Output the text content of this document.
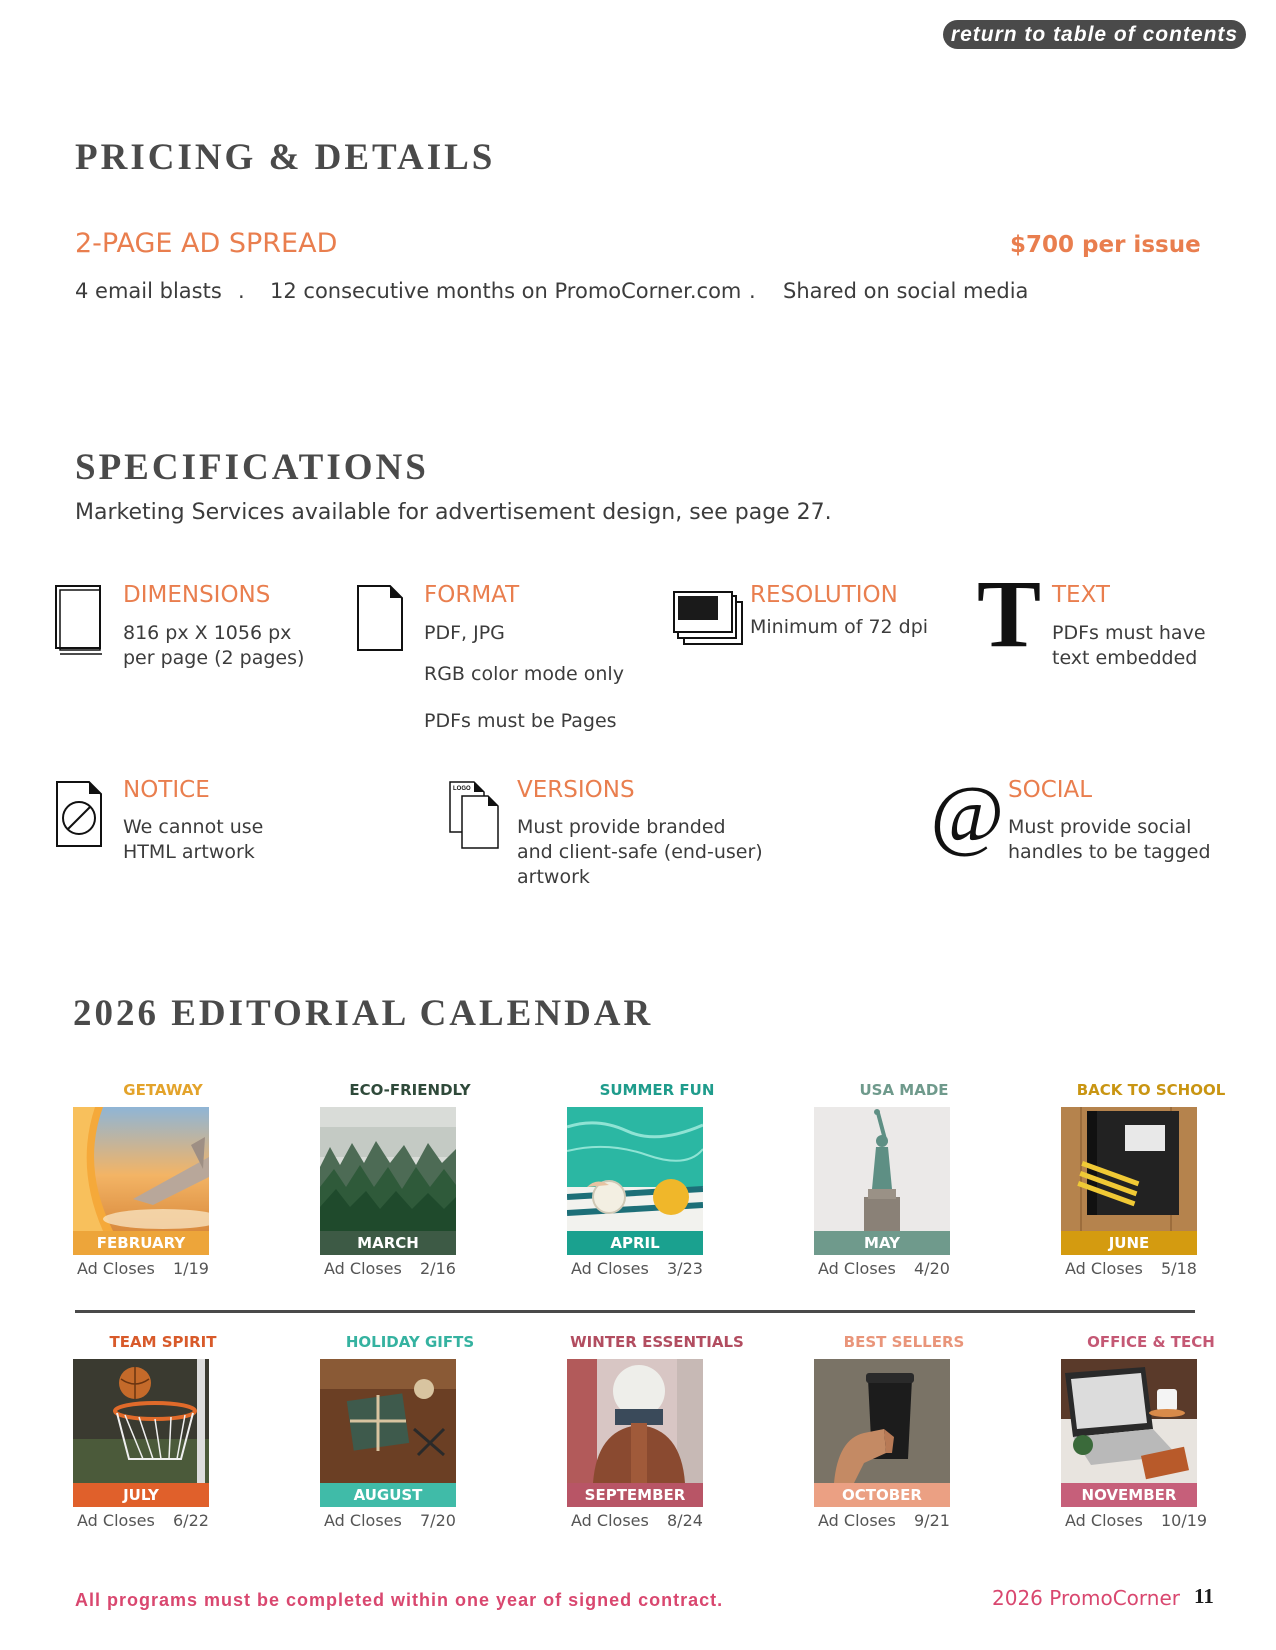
return to table of contents
PRICING & DETAILS
2-PAGE AD SPREAD	$700 per issue
4 email blasts . 12 consecutive months on PromoCorner.com . Shared on social media
SPECIFICATIONS
Marketing Services available for advertisement design, see page 27.
DIMENSIONS
816 px X 1056 px
per page (2 pages)
FORMAT
PDF, JPG
RGB color mode only
PDFs must be Pages
RESOLUTION
Minimum of 72 dpi T TEXT
PDFs must have
text embedded
NOTICE
We cannot use
HTML artwork
LOGO VERSIONS
Must provide branded
and client-safe (end-user)
artwork
@ SOCIAL
Must provide social
handles to be tagged
2026 EDITORIAL CALENDAR
GETAWAY
FEBRUARY
Ad Closes 1/19
ECO-FRIENDLY
MARCH
Ad Closes 2/16
SUMMER FUN
APRIL
Ad Closes 3/23
USA MADE
MAY
Ad Closes 4/20
BACK TO SCHOOL
JUNE
Ad Closes 5/18
TEAM SPIRIT
JULY
Ad Closes 6/22
HOLIDAY GIFTS
AUGUST
Ad Closes 7/20
WINTER ESSENTIALS
SEPTEMBER
Ad Closes 8/24
BEST SELLERS
OCTOBER
Ad Closes 9/21
OFFICE & TECH
NOVEMBER
Ad Closes 10/19
All programs must be completed within one year of signed contract.	2026 PromoCorner 11
